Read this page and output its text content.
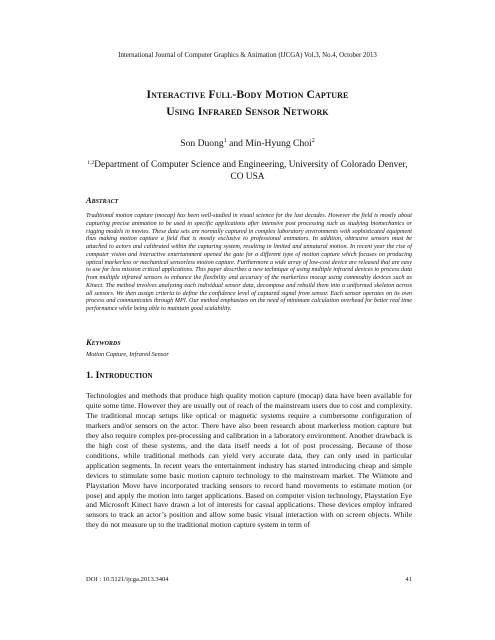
International Journal of Computer Graphics & Animation (IJCGA) Vol.3, No.4, October 2013
Interactive Full-Body Motion Capture
Using Infrared Sensor Network
Son Duong$^1$ and Min-Hyung Choi$^2$
$^{1,2}$Department of Computer Science and Engineering, University of Colorado Denver, CO USA
Abstract
Traditional motion capture (mocap) has been well-studied in visual science for the last decades. However the field is mostly about capturing precise animation to be used in specific applications after intensive post processing such as studying biomechanics or rigging models in movies. These data sets are normally captured in complex laboratory environments with sophisticated equipment thus making motion capture a field that is mostly exclusive to professional animators. In addition, obtrusive sensors must be attached to actors and calibrated within the capturing system, resulting in limited and unnatural motion. In recent year the rise of computer vision and interactive entertainment opened the gate for a different type of motion capture which focuses on producing optical markerless or mechanical sensorless motion capture. Furthermore a wide array of low-cost device are released that are easy to use for less mission critical applications. This paper describes a new technique of using multiple infrared devices to process data from multiple infrared sensors to enhance the flexibility and accuracy of the markerless mocap using commodity devices such as Kinect. The method involves analyzing each individual sensor data, decompose and rebuild them into a uniformed skeleton across all sensors. We then assign criteria to define the confidence level of captured signal from sensor. Each sensor operates on its own process and communicates through MPI. Our method emphasizes on the need of minimum calculation overhead for better real time performance while being able to maintain good scalability.
Keywords
Motion Capture, Infrared Sensor
1. Introduction
Technologies and methods that produce high quality motion capture (mocap) data have been available for quite some time. However they are usually out of reach of the mainstream users due to cost and complexity. The traditional mocap setups like optical or magnetic systems require a cumbersome configuration of markers and/or sensors on the actor. There have also been research about markerless motion capture but they also require complex pre-processing and calibration in a laboratory environment. Another drawback is the high cost of these systems, and the data itself needs a lot of post processing. Because of those conditions, while traditional methods can yield very accurate data, they can only used in particular application segments. In recent years the entertainment industry has started introducing cheap and simple devices to stimulate some basic motion capture technology to the mainstream market. The Wiimote and Playstation Move have incorporated tracking sensors to record hand movements to estimate motion (or pose) and apply the motion into target applications. Based on computer vision technology, Playstation Eye and Microsoft Kinect have drawn a lot of interests for casual applications. These devices employ infrared sensors to track an actor’s position and allow some basic visual interaction with on screen objects. While they do not measure up to the traditional motion capture system in term of
DOI : 10.5121/ijcga.2013.3404	41
